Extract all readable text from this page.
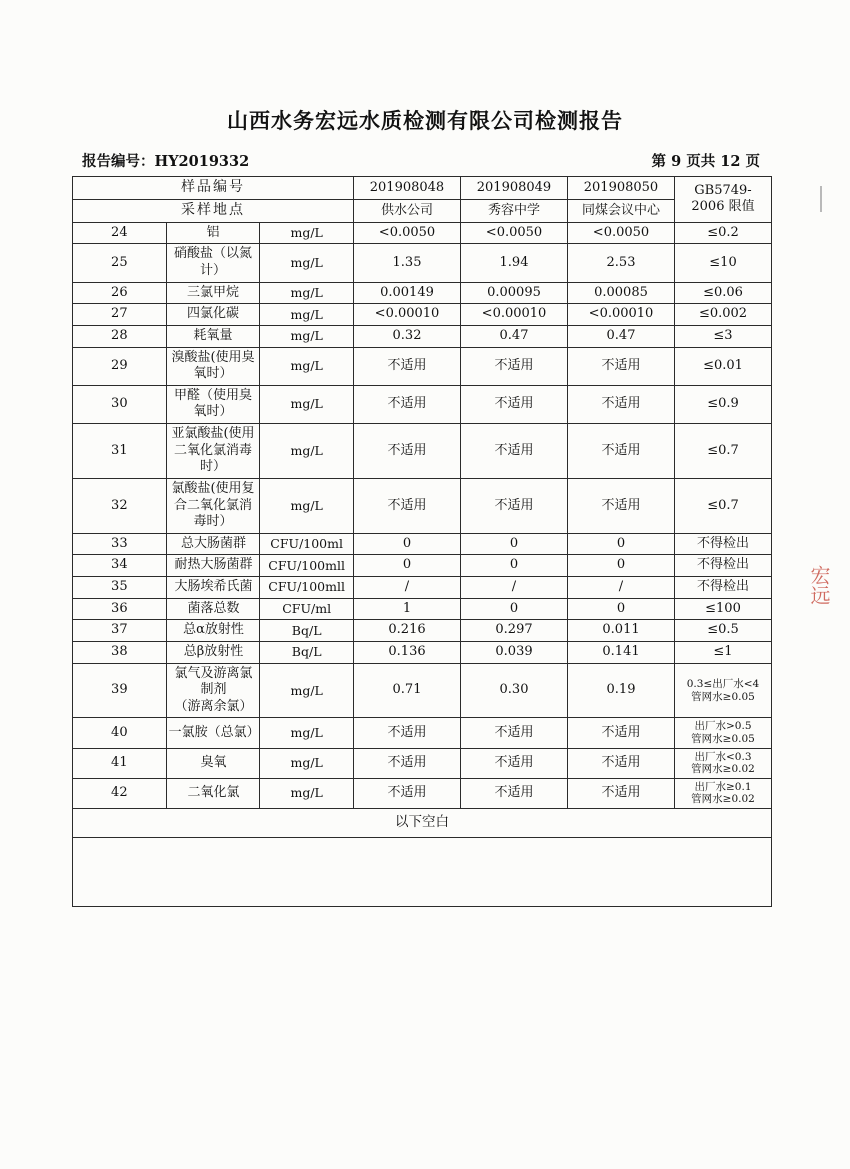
山西水务宏远水质检测有限公司检测报告
报告编号：HY2019332	第 9 页共 12 页
宏远
样品编号			201908048	201908049	201908050	GB5749-
2006 限值
采样地点			供水公司	秀容中学	同煤会议中心	
24	铝	mg/L	<0.0050	<0.0050	<0.0050	≤0.2
25	硝酸盐（以氮计）	mg/L	1.35	1.94	2.53	≤10
26	三氯甲烷	mg/L	0.00149	0.00095	0.00085	≤0.06
27	四氯化碳	mg/L	<0.00010	<0.00010	<0.00010	≤0.002
28	耗氧量	mg/L	0.32	0.47	0.47	≤3
29	溴酸盐(使用臭氧时）	mg/L	不适用	不适用	不适用	≤0.01
30	甲醛（使用臭氧时）	mg/L	不适用	不适用	不适用	≤0.9
31	亚氯酸盐(使用二氧化氯消毒时）	mg/L	不适用	不适用	不适用	≤0.7
32	氯酸盐(使用复合二氧化氯消毒时）	mg/L	不适用	不适用	不适用	≤0.7
33	总大肠菌群	CFU/100ml	0	0	0	不得检出
34	耐热大肠菌群	CFU/100mll	0	0	0	不得检出
35	大肠埃希氏菌	CFU/100mll	/	/	/	不得检出
36	菌落总数	CFU/ml	1	0	0	≤100
37	总α放射性	Bq/L	0.216	0.297	0.011	≤0.5
38	总β放射性	Bq/L	0.136	0.039	0.141	≤1
39	氯气及游离氯制剂
（游离余氯）	mg/L	0.71	0.30	0.19	0.3≤出厂水<4
管网水≥0.05
40	一氯胺（总氯）	mg/L	不适用	不适用	不适用	出厂水>0.5
管网水≥0.05
41	臭氧	mg/L	不适用	不适用	不适用	出厂水<0.3
管网水≥0.02
42	二氧化氯	mg/L	不适用	不适用	不适用	出厂水≥0.1
管网水≥0.02
以下空白						
